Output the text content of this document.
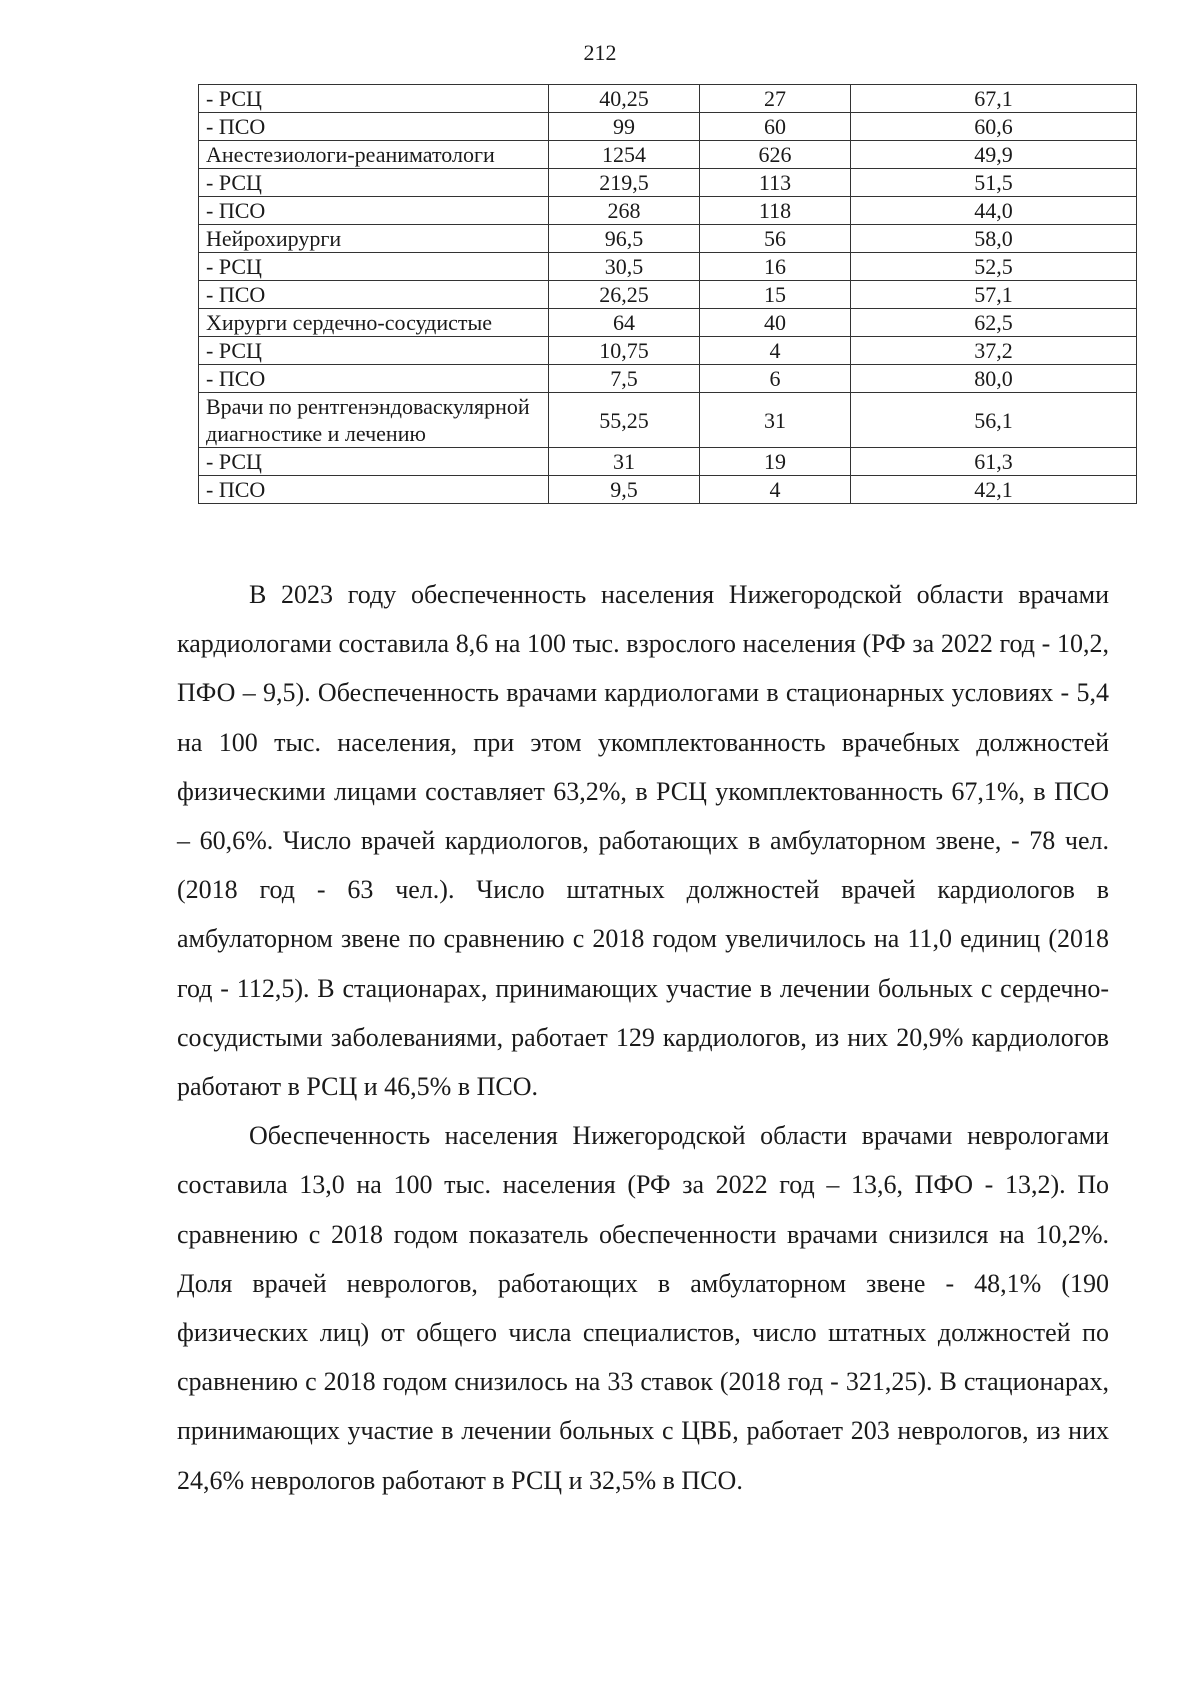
212
- РСЦ	40,25	27	67,1
- ПСО	99	60	60,6
Анестезиологи-реаниматологи	1254	626	49,9
- РСЦ	219,5	113	51,5
- ПСО	268	118	44,0
Нейрохирурги	96,5	56	58,0
- РСЦ	30,5	16	52,5
- ПСО	26,25	15	57,1
Хирурги сердечно-сосудистые	64	40	62,5
- РСЦ	10,75	4	37,2
- ПСО	7,5	6	80,0
Врачи по рентгенэндоваскулярной диагностике и лечению	55,25	31	56,1
- РСЦ	31	19	61,3
- ПСО	9,5	4	42,1

В 2023 году обеспеченность населения Нижегородской области врачами кардиологами составила 8,6 на 100 тыс. взрослого населения (РФ за 2022 год - 10,2, ПФО – 9,5). Обеспеченность врачами кардиологами в стационарных условиях - 5,4 на 100 тыс. населения, при этом укомплектованность врачебных должностей физическими лицами составляет 63,2%, в РСЦ укомплектованность 67,1%, в ПСО – 60,6%. Число врачей кардиологов, работающих в амбулаторном звене, - 78 чел. (2018 год - 63 чел.). Число штатных должностей врачей кардиологов в амбулаторном звене по сравнению с 2018 годом увеличилось на 11,0 единиц (2018 год - 112,5). В стационарах, принимающих участие в лечении больных с сердечно-сосудистыми заболеваниями, работает 129 кардиологов, из них 20,9% кардиологов работают в РСЦ и 46,5% в ПСО.

Обеспеченность населения Нижегородской области врачами неврологами составила 13,0 на 100 тыс. населения (РФ за 2022 год – 13,6, ПФО - 13,2). По сравнению с 2018 годом показатель обеспеченности врачами снизился на 10,2%. Доля врачей неврологов, работающих в амбулаторном звене - 48,1% (190 физических лиц) от общего числа специалистов, число штатных должностей по сравнению с 2018 годом снизилось на 33 ставок (2018 год - 321,25). В стационарах, принимающих участие в лечении больных с ЦВБ, работает 203 неврологов, из них 24,6% неврологов работают в РСЦ и 32,5% в ПСО.
